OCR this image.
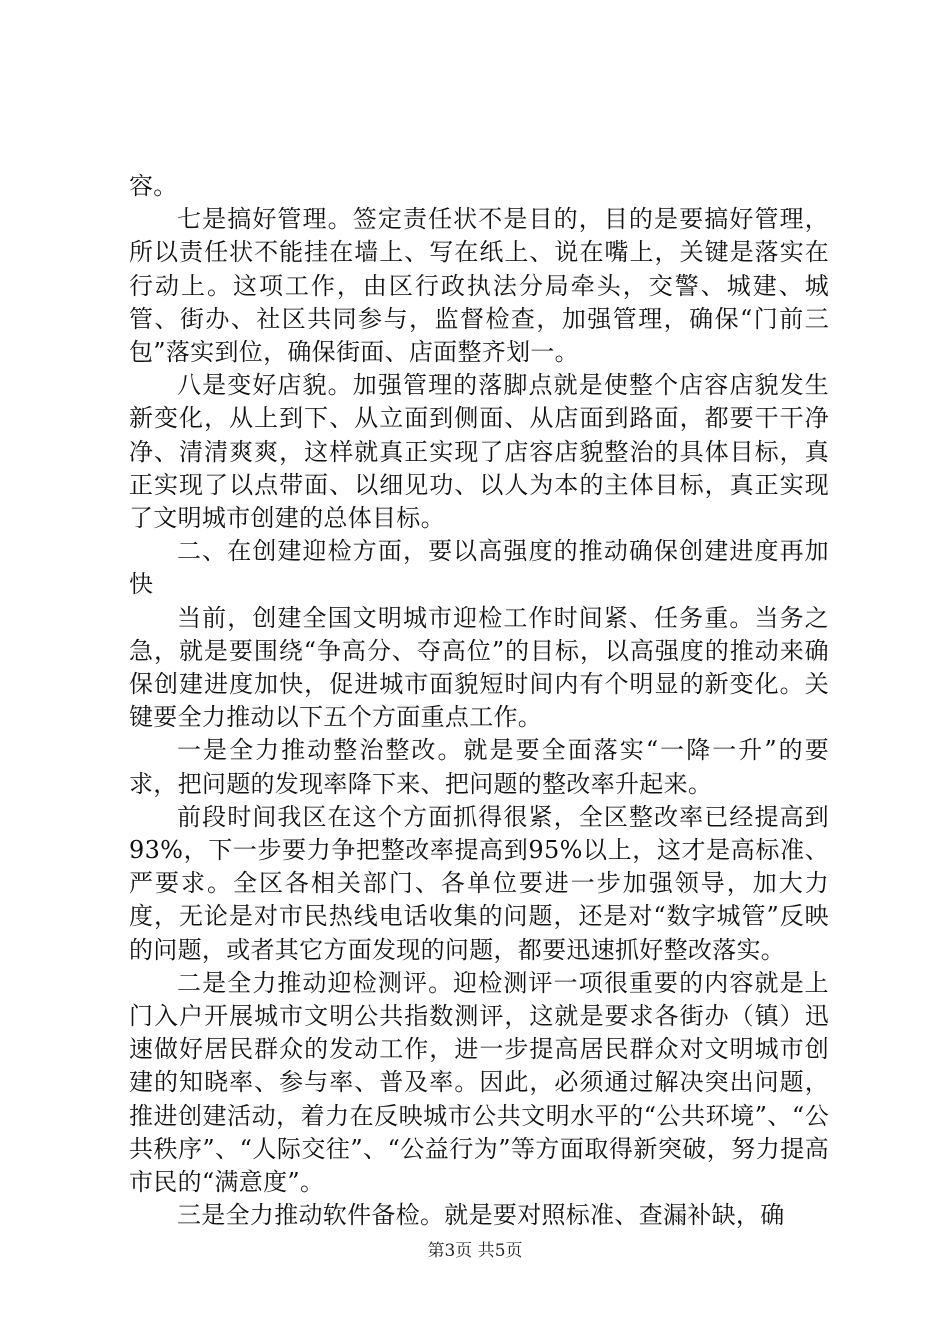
容。

七是搞好管理。签定责任状不是目的，目的是要搞好管理，所以责任状不能挂在墙上、写在纸上、说在嘴上，关键是落实在行动上。这项工作，由区行政执法分局牵头，交警、城建、城管、街办、社区共同参与，监督检查，加强管理，确保“门前三包”落实到位，确保街面、店面整齐划一。

八是变好店貌。加强管理的落脚点就是使整个店容店貌发生新变化，从上到下、从立面到侧面、从店面到路面，都要干干净净、清清爽爽，这样就真正实现了店容店貌整治的具体目标，真正实现了以点带面、以细见功、以人为本的主体目标，真正实现了文明城市创建的总体目标。

二、在创建迎检方面，要以高强度的推动确保创建进度再加快

当前，创建全国文明城市迎检工作时间紧、任务重。当务之急，就是要围绕“争高分、夺高位”的目标，以高强度的推动来确保创建进度加快，促进城市面貌短时间内有个明显的新变化。关键要全力推动以下五个方面重点工作。

一是全力推动整治整改。就是要全面落实“一降一升”的要求，把问题的发现率降下来、把问题的整改率升起来。

前段时间我区在这个方面抓得很紧，全区整改率已经提高到93%，下一步要力争把整改率提高到95%以上，这才是高标准、严要求。全区各相关部门、各单位要进一步加强领导，加大力度，无论是对市民热线电话收集的问题，还是对“数字城管”反映的问题，或者其它方面发现的问题，都要迅速抓好整改落实。

二是全力推动迎检测评。迎检测评一项很重要的内容就是上门入户开展城市文明公共指数测评，这就是要求各街办（镇）迅速做好居民群众的发动工作，进一步提高居民群众对文明城市创建的知晓率、参与率、普及率。因此，必须通过解决突出问题，推进创建活动，着力在反映城市公共文明水平的“公共环境”、“公共秩序”、“人际交往”、“公益行为”等方面取得新突破，努力提高市民的“满意度”。

三是全力推动软件备检。就是要对照标准、查漏补缺，确

第3页 共5页
